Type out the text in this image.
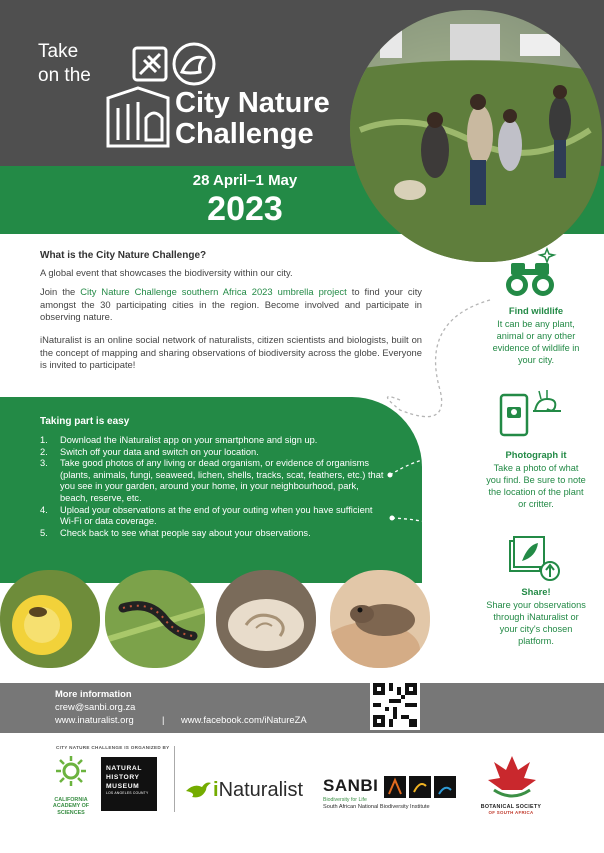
Take
on the
City Nature
Challenge
28 April–1 May
2023
What is the City Nature Challenge?
A global event that showcases the biodiversity within our city.
Join the City Nature Challenge southern Africa 2023 umbrella project to find your city amongst the 30 participating cities in the region. Become involved and participate in observing nature.
iNaturalist is an online social network of naturalists, citizen scientists and biologists, built on the concept of mapping and sharing observations of biodiversity across the globe. Everyone is invited to participate!
Taking part is easy
1. Download the iNaturalist app on your smartphone and sign up.
2. Switch off your data and switch on your location.
3. Take good photos of any living or dead organism, or evidence of organisms (plants, animals, fungi, seaweed, lichen, shells, tracks, scat, feathers, etc.) that you see in your garden, around your home, in your neighbourhood, park, beach, reserve, etc.
4. Upload your observations at the end of your outing when you have sufficient Wi-Fi or data coverage.
5. Check back to see what people say about your observations.
Find wildlife
It can be any plant, animal or any other evidence of wildlife in your city.
Photograph it
Take a photo of what you find. Be sure to note the location of the plant or critter.
Share!
Share your observations through iNaturalist or your city's chosen platform.
More information
crew@sanbi.org.za
www.inaturalist.org	| www.facebook.com/iNatureZA
CITY NATURE CHALLENGE IS ORGANIZED BY
CALIFORNIA ACADEMY OF SCIENCES
NATURAL
HISTORY
MUSEUM
LOS ANGELES COUNTY	iNaturalist SANBI
Biodiversity for Life
South African National Biodiversity Institute	BOTANICAL SOCIETY
OF SOUTH AFRICA
